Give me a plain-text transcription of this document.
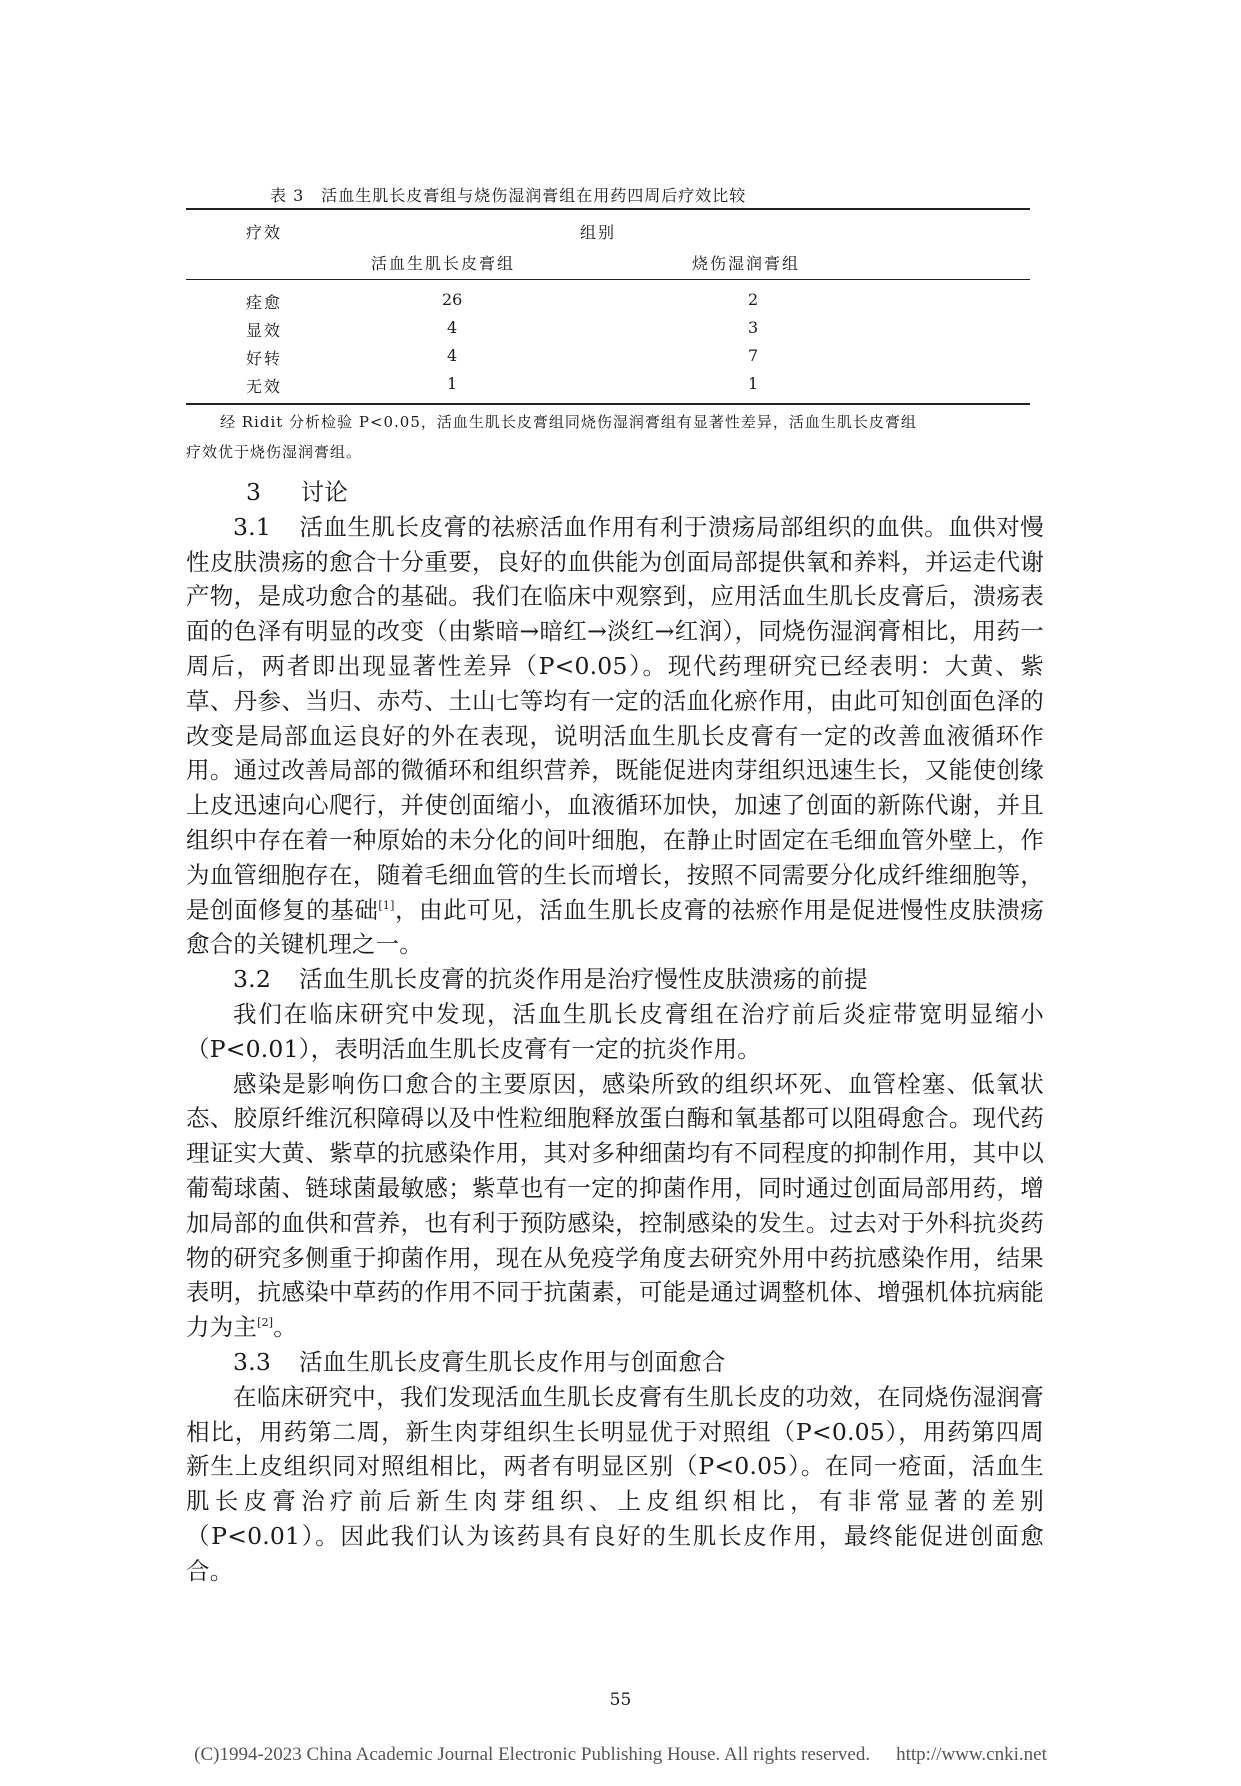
表 3　活血生肌长皮膏组与烧伤湿润膏组在用药四周后疗效比较
疗效	组别
活血生肌长皮膏组	烧伤湿润膏组
痊愈	26	2
显效	4	3
好转	4	7
无效	1	1

经 Ridit 分析检验 P<0.05，活血生肌长皮膏组同烧伤湿润膏组有显著性差异，活血生肌长皮膏组

疗效优于烧伤湿润膏组。

3 讨论

3.1 活血生肌长皮膏的祛瘀活血作用有利于溃疡局部组织的血供。血供对慢性皮肤溃疡的愈合十分重要，良好的血供能为创面局部提供氧和养料，并运走代谢产物，是成功愈合的基础。我们在临床中观察到，应用活血生肌长皮膏后，溃疡表面的色泽有明显的改变（由紫暗→暗红→淡红→红润），同烧伤湿润膏相比，用药一周后，两者即出现显著性差异（P<0.05）。现代药理研究已经表明：大黄、紫草、丹参、当归、赤芍、土山七等均有一定的活血化瘀作用，由此可知创面色泽的改变是局部血运良好的外在表现，说明活血生肌长皮膏有一定的改善血液循环作用。通过改善局部的微循环和组织营养，既能促进肉芽组织迅速生长，又能使创缘上皮迅速向心爬行，并使创面缩小，血液循环加快，加速了创面的新陈代谢，并且组织中存在着一种原始的未分化的间叶细胞，在静止时固定在毛细血管外壁上，作为血管细胞存在，随着毛细血管的生长而增长，按照不同需要分化成纤维细胞等，是创面修复的基础[1]，由此可见，活血生肌长皮膏的祛瘀作用是促进慢性皮肤溃疡愈合的关键机理之一。

3.2 活血生肌长皮膏的抗炎作用是治疗慢性皮肤溃疡的前提

我们在临床研究中发现，活血生肌长皮膏组在治疗前后炎症带宽明显缩小（P<0.01），表明活血生肌长皮膏有一定的抗炎作用。

感染是影响伤口愈合的主要原因，感染所致的组织坏死、血管栓塞、低氧状态、胶原纤维沉积障碍以及中性粒细胞释放蛋白酶和氧基都可以阻碍愈合。现代药理证实大黄、紫草的抗感染作用，其对多种细菌均有不同程度的抑制作用，其中以葡萄球菌、链球菌最敏感；紫草也有一定的抑菌作用，同时通过创面局部用药，增加局部的血供和营养，也有利于预防感染，控制感染的发生。过去对于外科抗炎药物的研究多侧重于抑菌作用，现在从免疫学角度去研究外用中药抗感染作用，结果表明，抗感染中草药的作用不同于抗菌素，可能是通过调整机体、增强机体抗病能力为主[2]。

3.3 活血生肌长皮膏生肌长皮作用与创面愈合

在临床研究中，我们发现活血生肌长皮膏有生肌长皮的功效，在同烧伤湿润膏相比，用药第二周，新生肉芽组织生长明显优于对照组（P<0.05），用药第四周新生上皮组织同对照组相比，两者有明显区别（P<0.05）。在同一疮面，活血生肌长皮膏治疗前后新生肉芽组织、上皮组织相比，有非常显著的差别（P<0.01）。因此我们认为该药具有良好的生肌长皮作用，最终能促进创面愈合。

55
(C)1994-2023 China Academic Journal Electronic Publishing House. All rights reserved. http://www.cnki.net
